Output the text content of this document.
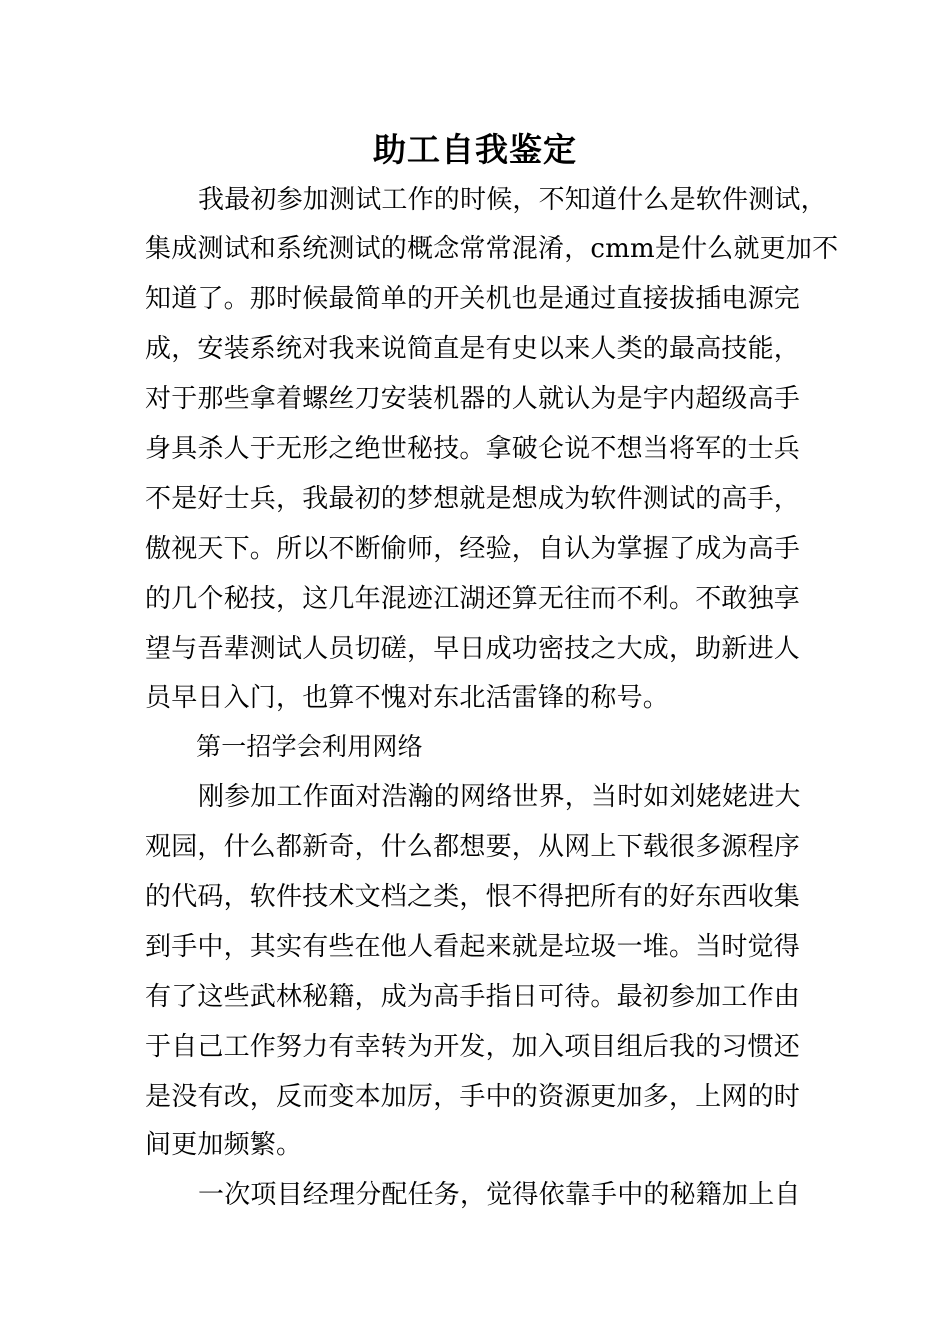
助工自我鉴定
我最初参加测试工作的时候，不知道什么是软件测试，
集成测试和系统测试的概念常常混淆，cmm是什么就更加不
知道了。那时候最简单的开关机也是通过直接拔插电源完
成，安装系统对我来说简直是有史以来人类的最高技能，
对于那些拿着螺丝刀安装机器的人就认为是宇内超级高手
身具杀人于无形之绝世秘技。拿破仑说不想当将军的士兵
不是好士兵，我最初的梦想就是想成为软件测试的高手，
傲视天下。所以不断偷师，经验，自认为掌握了成为高手
的几个秘技，这几年混迹江湖还算无往而不利。不敢独享
望与吾辈测试人员切磋，早日成功密技之大成，助新进人
员早日入门，也算不愧对东北活雷锋的称号。
第一招学会利用网络
刚参加工作面对浩瀚的网络世界，当时如刘姥姥进大
观园，什么都新奇，什么都想要，从网上下载很多源程序
的代码，软件技术文档之类，恨不得把所有的好东西收集
到手中，其实有些在他人看起来就是垃圾一堆。当时觉得
有了这些武林秘籍，成为高手指日可待。最初参加工作由
于自己工作努力有幸转为开发，加入项目组后我的习惯还
是没有改，反而变本加厉，手中的资源更加多，上网的时
间更加频繁。
一次项目经理分配任务，觉得依靠手中的秘籍加上自
